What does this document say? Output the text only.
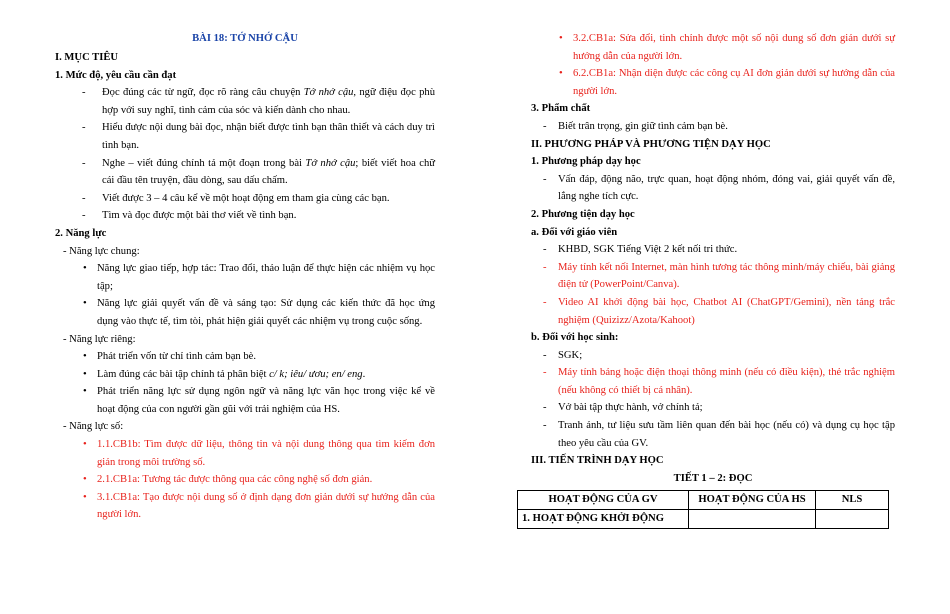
BÀI 18: TỚ NHỚ CẬU

I. MỤC TIÊU

1. Mức độ, yêu cầu cần đạt

- Đọc đúng các từ ngữ, đọc rõ ràng câu chuyện Tớ nhớ cậu, ngữ điệu đọc phù hợp với suy nghĩ, tình cảm của sóc và kiến dành cho nhau.

- Hiểu được nội dung bài đọc, nhận biết được tình bạn thân thiết và cách duy trì tình bạn.

- Nghe – viết đúng chính tả một đoạn trong bài Tớ nhớ cậu; biết viết hoa chữ cái đầu tên truyện, đầu dòng, sau dấu chấm.

- Viết được 3 – 4 câu kể về một hoạt động em tham gia cùng các bạn.

- Tìm và đọc được một bài thơ viết về tình bạn.

2. Năng lực

- Năng lực chung:

• Năng lực giao tiếp, hợp tác: Trao đổi, thảo luận để thực hiện các nhiệm vụ học tập;

• Năng lực giải quyết vấn đề và sáng tạo: Sử dụng các kiến thức đã học ứng dụng vào thực tế, tìm tòi, phát hiện giải quyết các nhiệm vụ trong cuộc sống.

- Năng lực riêng:

• Phát triển vốn từ chỉ tình cảm bạn bè.

• Làm đúng các bài tập chính tả phân biệt c/ k; iêu/ ươu; en/ eng.

• Phát triển năng lực sử dụng ngôn ngữ và năng lực văn học trong việc kể về hoạt động của con người gần gũi với trải nghiệm của HS.

- Năng lực số:

• 1.1.CB1b: Tìm được dữ liệu, thông tin và nội dung thông qua tìm kiếm đơn giản trong môi trường số.

• 2.1.CB1a: Tương tác được thông qua các công nghệ số đơn giản.

• 3.1.CB1a: Tạo được nội dung số ở định dạng đơn giản dưới sự hướng dẫn của người lớn.

• 3.2.CB1a: Sửa đổi, tinh chỉnh được một số nội dung số đơn giản dưới sự hướng dẫn của người lớn.

• 6.2.CB1a: Nhận diện được các công cụ AI đơn giản dưới sự hướng dẫn của người lớn.

3. Phẩm chất

- Biết trân trọng, gìn giữ tình cảm bạn bè.

II. PHƯƠNG PHÁP VÀ PHƯƠNG TIỆN DẠY HỌC

1. Phương pháp dạy học

- Vấn đáp, động não, trực quan, hoạt động nhóm, đóng vai, giải quyết vấn đề, lắng nghe tích cực.

2. Phương tiện dạy học

a. Đối với giáo viên

- KHBD, SGK Tiếng Việt 2 kết nối tri thức.

- Máy tính kết nối Internet, màn hình tương tác thông minh/máy chiếu, bài giảng điện tử (PowerPoint/Canva).

- Video AI khởi động bài học, Chatbot AI (ChatGPT/Gemini), nền tảng trắc nghiệm (Quizizz/Azota/Kahoot)

b. Đối với học sinh:

- SGK;

- Máy tính bảng hoặc điện thoại thông minh (nếu có điều kiện), thẻ trắc nghiệm (nếu không có thiết bị cá nhân).

- Vở bài tập thực hành, vở chính tả;

- Tranh ảnh, tư liệu sưu tầm liên quan đến bài học (nếu có) và dụng cụ học tập theo yêu cầu của GV.

III. TIẾN TRÌNH DẠY HỌC

TIẾT 1 – 2: ĐỌC

HOẠT ĐỘNG CỦA GV	HOẠT ĐỘNG CỦA HS	NLS
1. HOẠT ĐỘNG KHỞI ĐỘNG		
